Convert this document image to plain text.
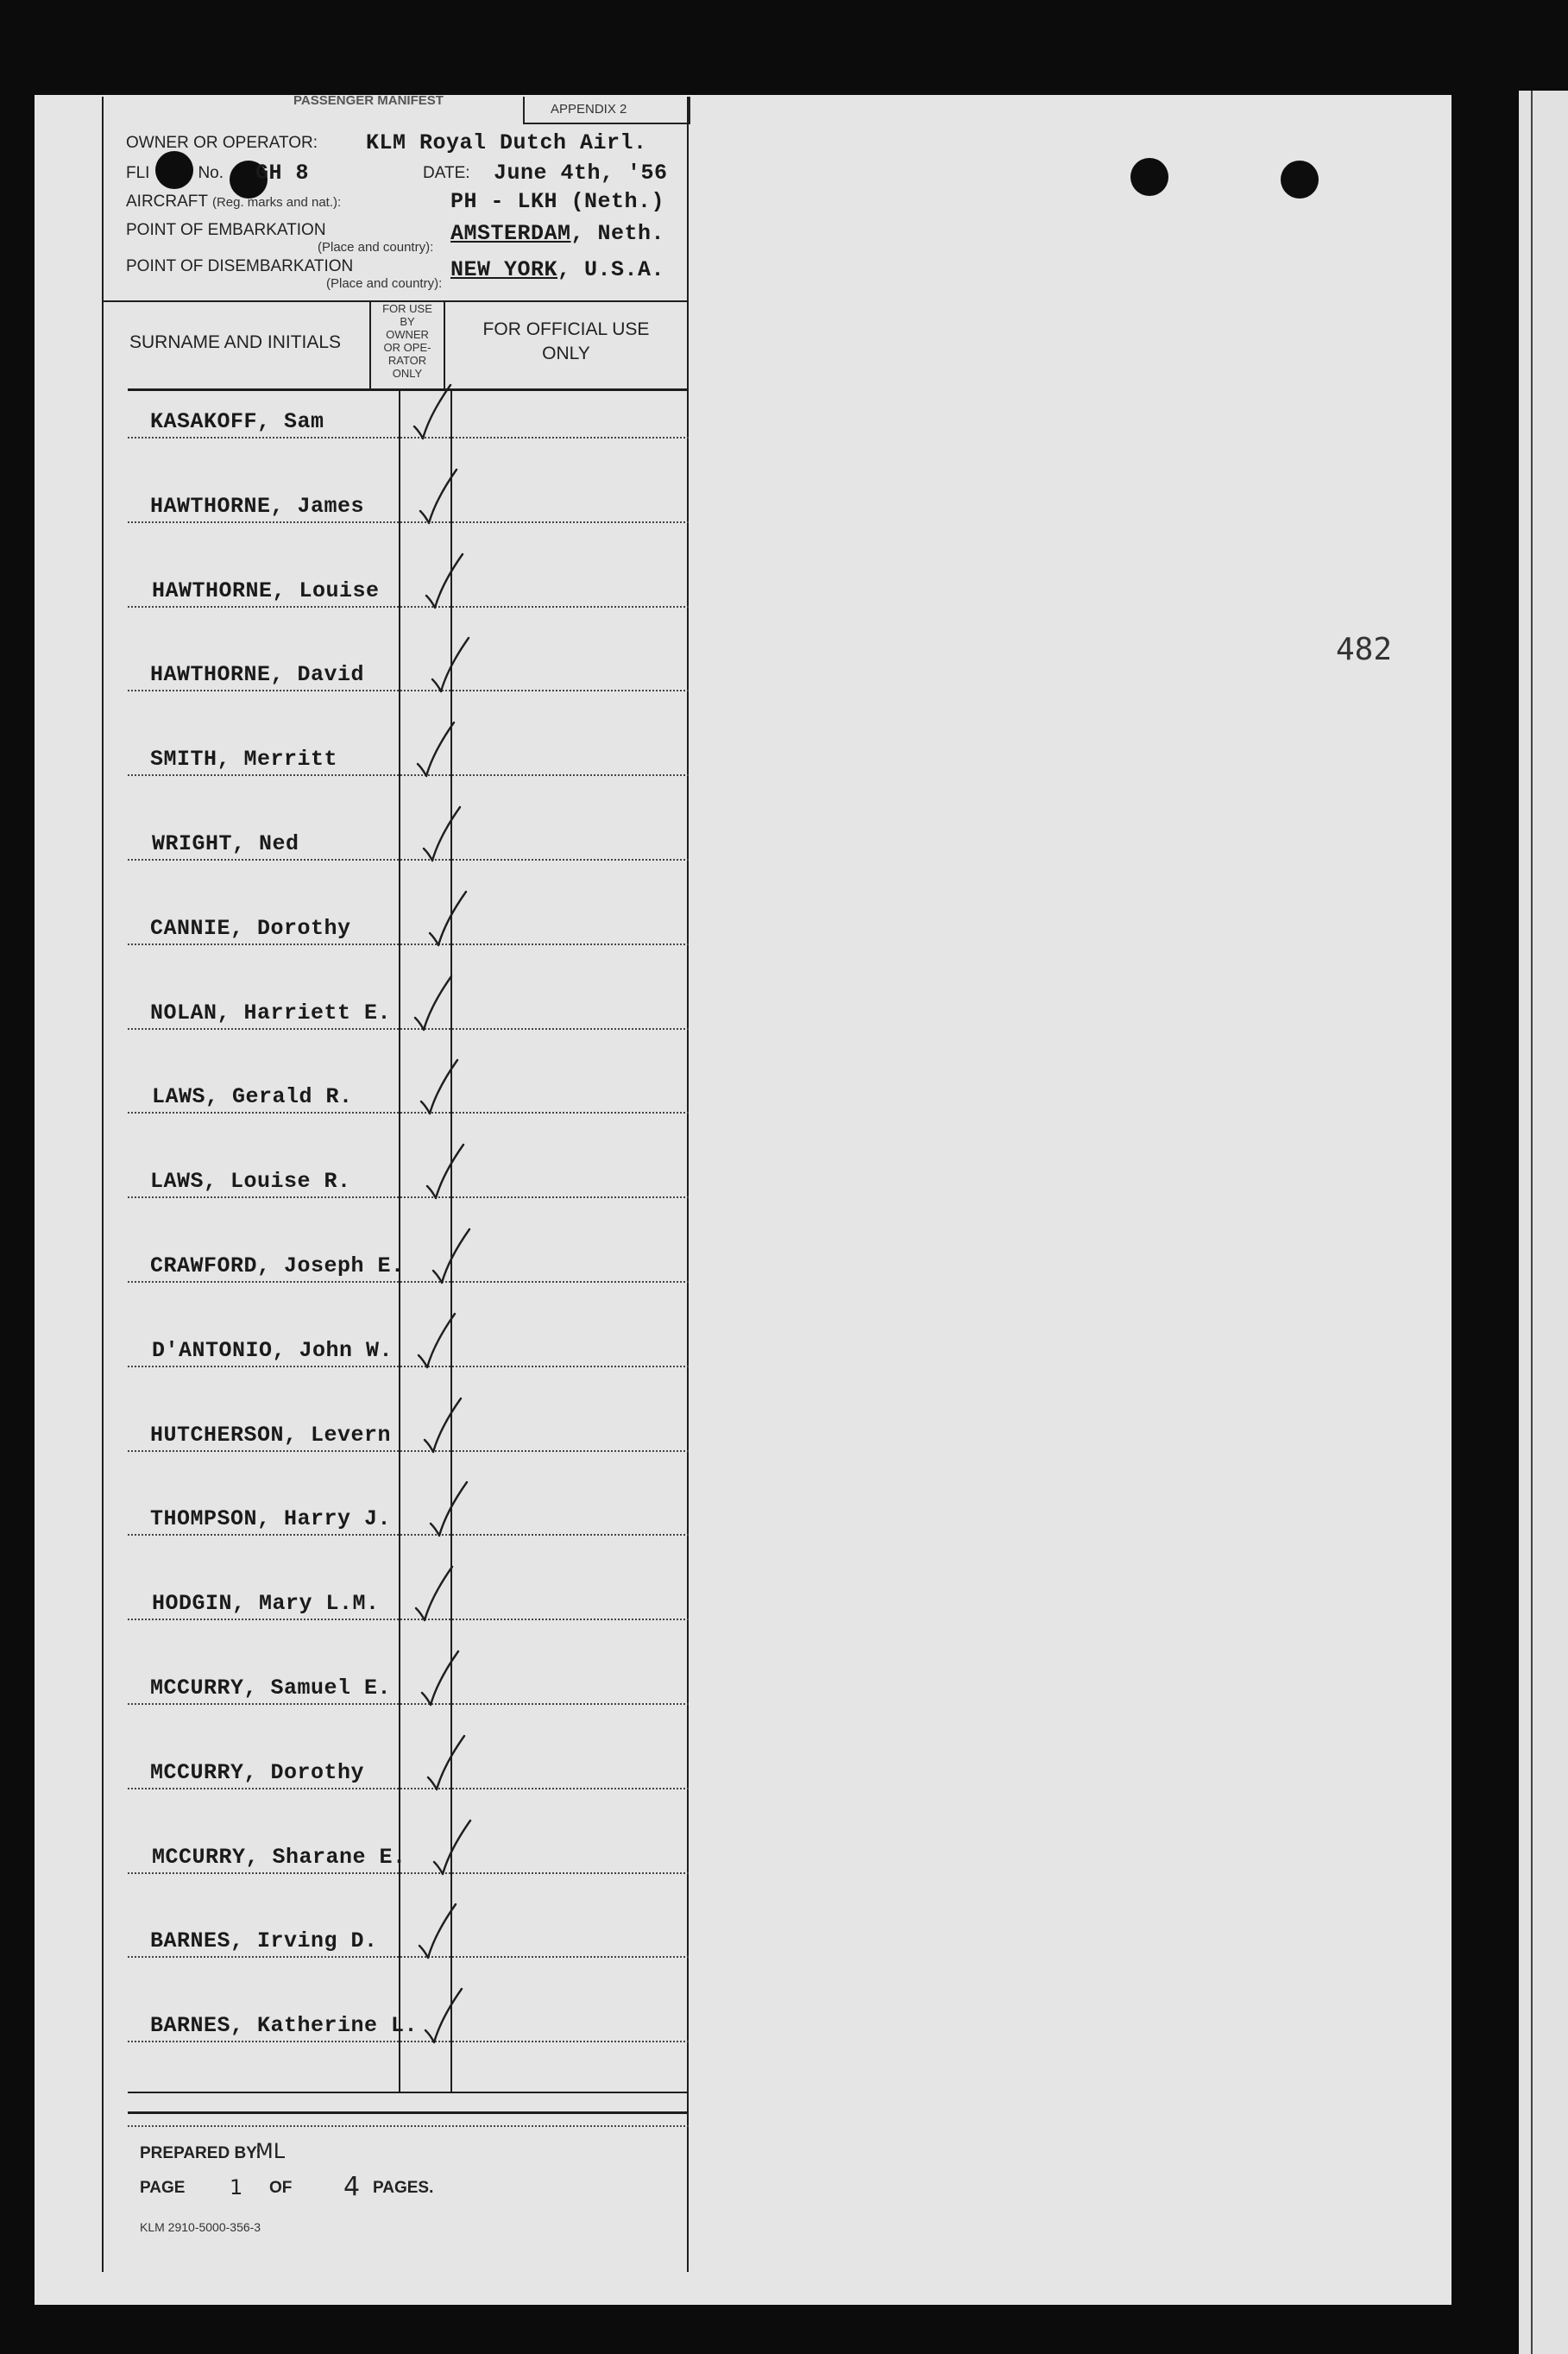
PASSENGER MANIFEST
APPENDIX 2
OWNER OR OPERATOR: KLM Royal Dutch Airl.
FLI	No. GH 8	DATE: June 4th, '56
AIRCRAFT (Reg. marks and nat.):	PH - LKH (Neth.)
POINT OF EMBARKATION
(Place and country):
AMSTERDAM, Neth.
POINT OF DISEMBARKATION
(Place and country):
NEW YORK, U.S.A.
SURNAME AND INITIALS
FOR USE
BY
OWNER
OR OPE-
RATOR
ONLY
FOR OFFICIAL USE
ONLY
KASAKOFF, Sam
HAWTHORNE, James
HAWTHORNE, Louise
HAWTHORNE, David
SMITH, Merritt
WRIGHT, Ned
CANNIE, Dorothy
NOLAN, Harriett E.
LAWS, Gerald R.
LAWS, Louise R.
CRAWFORD, Joseph E.
D'ANTONIO, John W.
HUTCHERSON, Levern
THOMPSON, Harry J.
HODGIN, Mary L.M.
MCCURRY, Samuel E.
MCCURRY, Dorothy
MCCURRY, Sharane E.
BARNES, Irving D.
BARNES, Katherine L.
PREPARED BY:
ML
PAGE 1 OF 4 PAGES.
KLM 2910-5000-356-3
482
